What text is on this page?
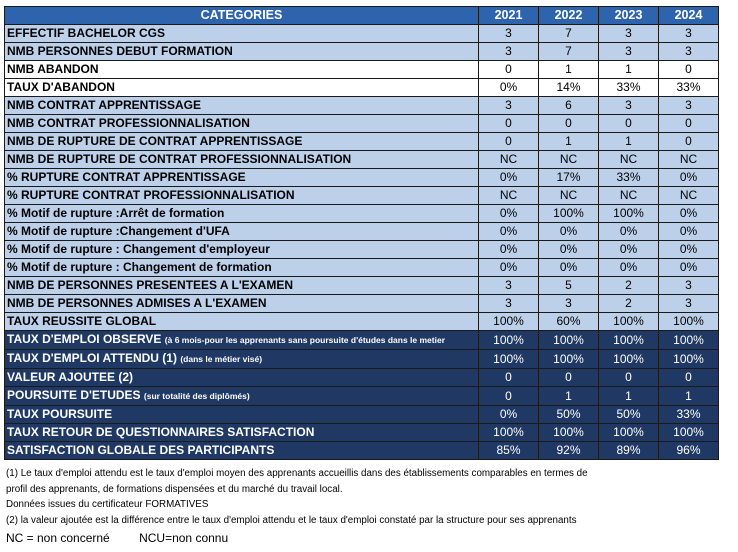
CATEGORIES	2021	2022	2023	2024
EFFECTIF BACHELOR CGS	3	7	3	3
NMB PERSONNES DEBUT FORMATION	3	7	3	3
NMB ABANDON	0	1	1	0
TAUX D'ABANDON	0%	14%	33%	33%
NMB CONTRAT APPRENTISSAGE	3	6	3	3
NMB CONTRAT PROFESSIONNALISATION	0	0	0	0
NMB DE RUPTURE DE CONTRAT APPRENTISSAGE	0	1	1	0
NMB DE RUPTURE DE CONTRAT PROFESSIONNALISATION	NC	NC	NC	NC
% RUPTURE CONTRAT APPRENTISSAGE	0%	17%	33%	0%
% RUPTURE CONTRAT PROFESSIONNALISATION	NC	NC	NC	NC
% Motif de rupture :Arrêt de formation	0%	100%	100%	0%
% Motif de rupture :Changement d'UFA	0%	0%	0%	0%
% Motif de rupture : Changement d'employeur	0%	0%	0%	0%
% Motif de rupture : Changement de formation	0%	0%	0%	0%
NMB DE PERSONNES PRESENTEES A L'EXAMEN	3	5	2	3
NMB DE PERSONNES ADMISES A L'EXAMEN	3	3	2	3
TAUX REUSSITE GLOBAL	100%	60%	100%	100%
TAUX D'EMPLOI OBSERVE (à 6 mois-pour les apprenants sans poursuite d'études dans le metier	100%	100%	100%	100%
TAUX D'EMPLOI ATTENDU (1) (dans le métier visé)	100%	100%	100%	100%
VALEUR AJOUTEE (2)	0	0	0	0
POURSUITE D'ETUDES (sur totalité des diplômés)	0	1	1	1
TAUX POURSUITE	0%	50%	50%	33%
TAUX RETOUR DE QUESTIONNAIRES SATISFACTION	100%	100%	100%	100%
SATISFACTION GLOBALE DES PARTICIPANTS	85%	92%	89%	96%
(1) Le taux d'emploi attendu est le taux d'emploi moyen des apprenants accueillis dans des établissements comparables en termes de
profil des apprenants, de formations dispensées et du marché du travail local.
Données issues du certificateur FORMATIVES
(2) la valeur ajoutée est la différence entre le taux d'emploi attendu et le taux d'emploi constaté par la structure pour ses apprenants
NC = non concerné NCU=non connu
